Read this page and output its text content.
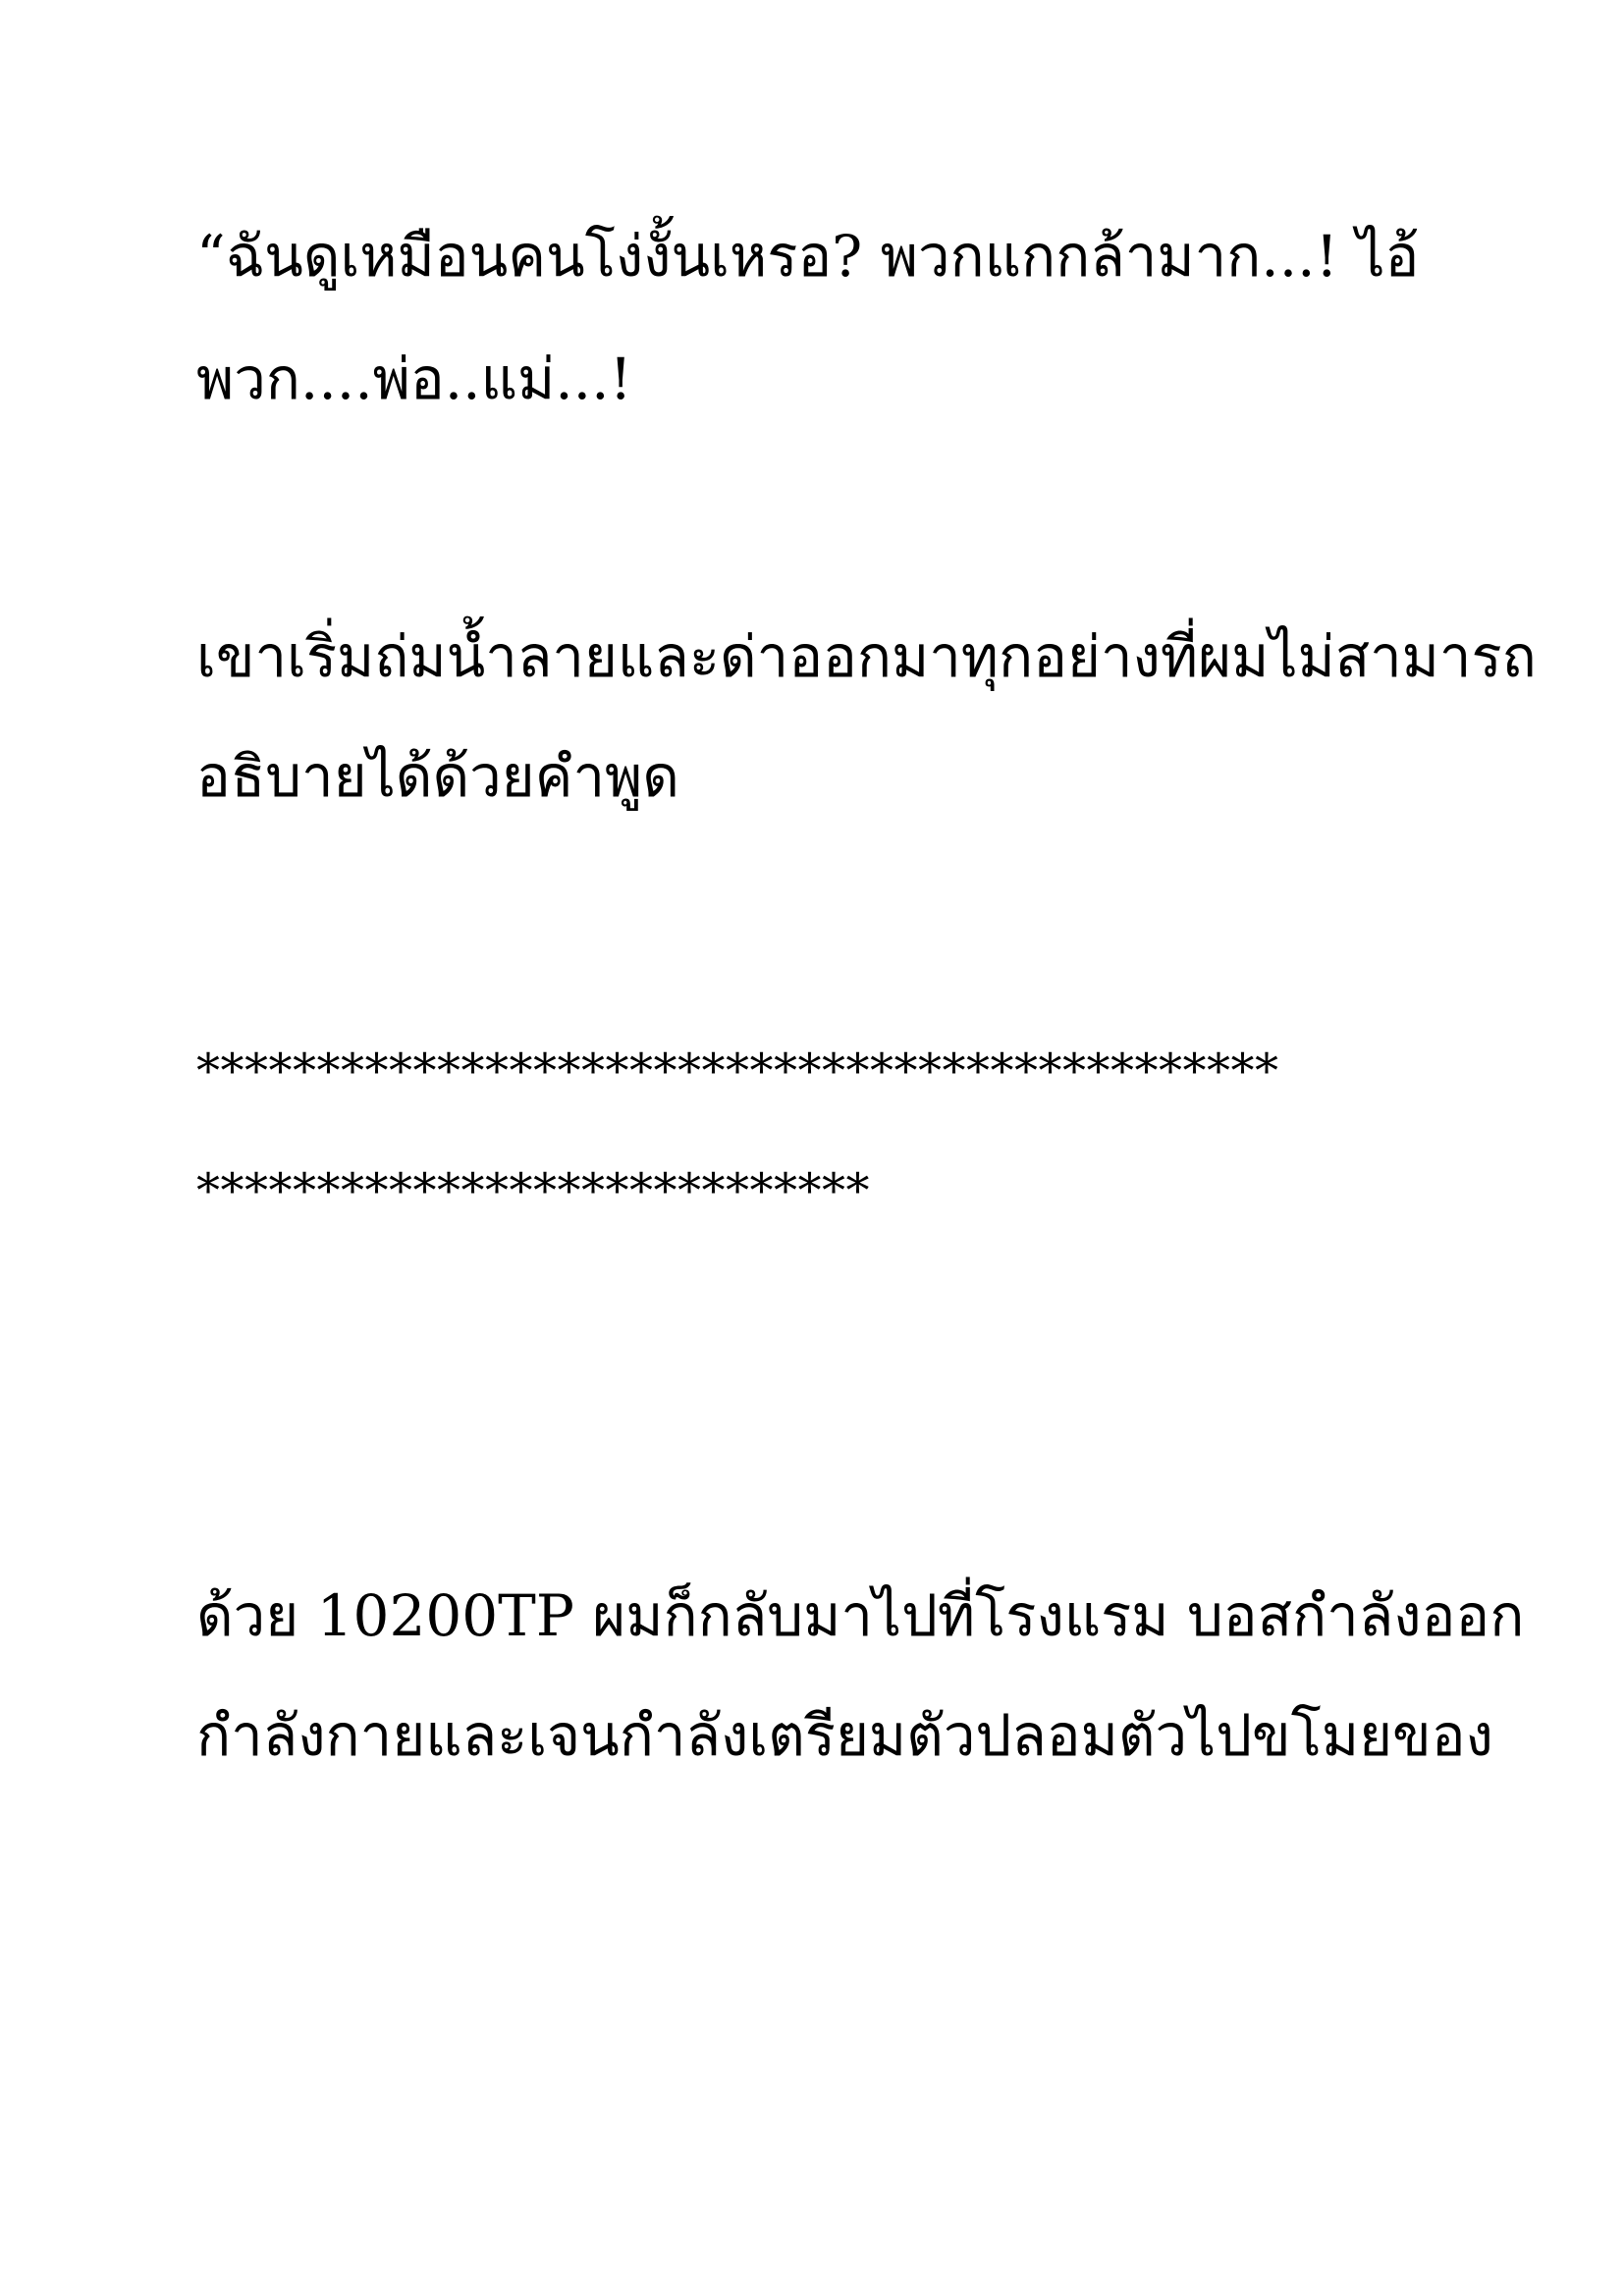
“ฉันดูเหมือนคนโง่งั้นเหรอ? พวกแกกล้ามาก...! ไอ้

พวก....พ่อ..แม่...!

เขาเริ่มถ่มน้ำลายและด่าออกมาทุกอย่างที่ผมไม่สามารถ

อธิบายได้ด้วยคำพูด

*********************************************

****************************

ด้วย 10200TP ผมก็กลับมาไปที่โรงแรม บอสกำลังออก

กำลังกายและเจนกำลังเตรียมตัวปลอมตัวไปขโมยของ
